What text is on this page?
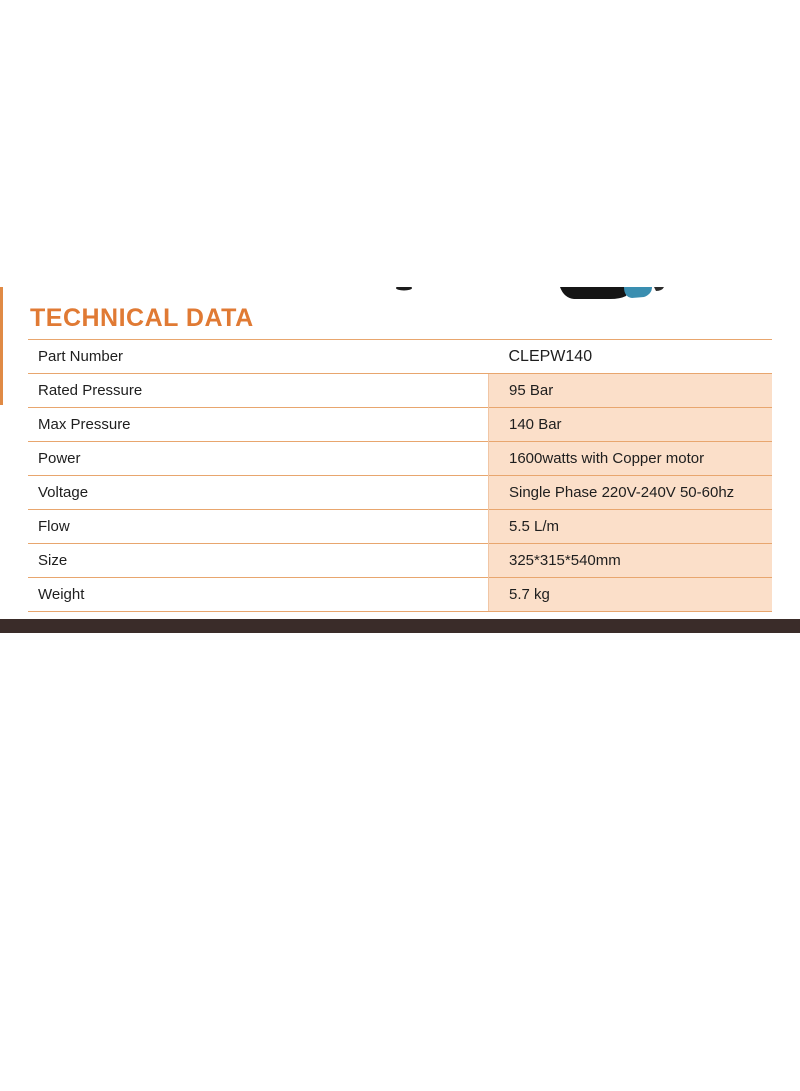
TECHNICAL DATA
Part Number	CLEPW140
Rated Pressure	95 Bar
Max Pressure	140 Bar
Power	1600watts with Copper motor
Voltage	Single Phase 220V-240V 50-60hz
Flow	5.5 L/m
Size	325*315*540mm
Weight	5.7 kg
